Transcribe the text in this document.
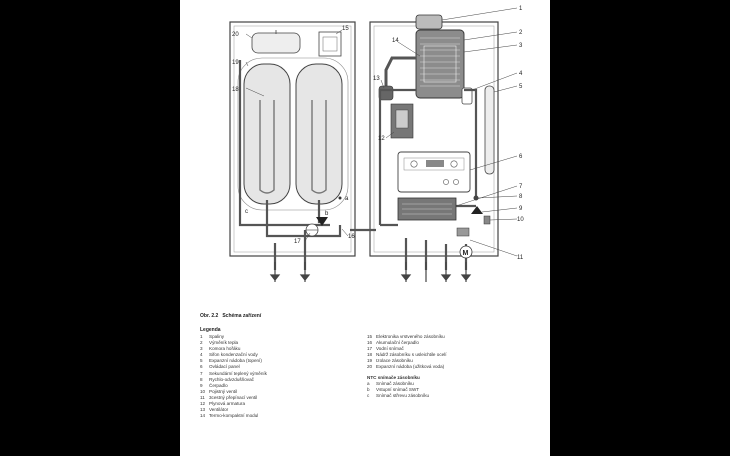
M
1
2
3
4
5
6
7
8
9
10
11
20
19
18
15
14
13
12
17
16
a
b
c
Obr. 2.2 Schéma zařízení
Legenda
1 Spaliny
2 Výměník tepla
3 Komora hořáku
4 Sifon kondenzační vody
5 Expanzní nádoba (topení)
6 Ovládací panel
7 Sekundární teplený výměník
8 Rychlo-odvzdušňovač
9 Čerpadlo
10 Pojistný ventil
11 3cestný přepínací ventil
12 Plynová armatura
13 Ventilátor
14 Termo-kompaktní modul
15 Elektronika vrstveného zásobníku
16 Akumulační čerpadlo
17 Vodní snímač
18 Nádrž zásobníku s usleichtile ocelí
19 Izolace zásobníku
20 Expanzní nádoba (užitková voda)
NTC snímače zásobníku
a Snímač zásobníku
b Vstupní snímač SWT
c Snímač střrevu zásobníku
